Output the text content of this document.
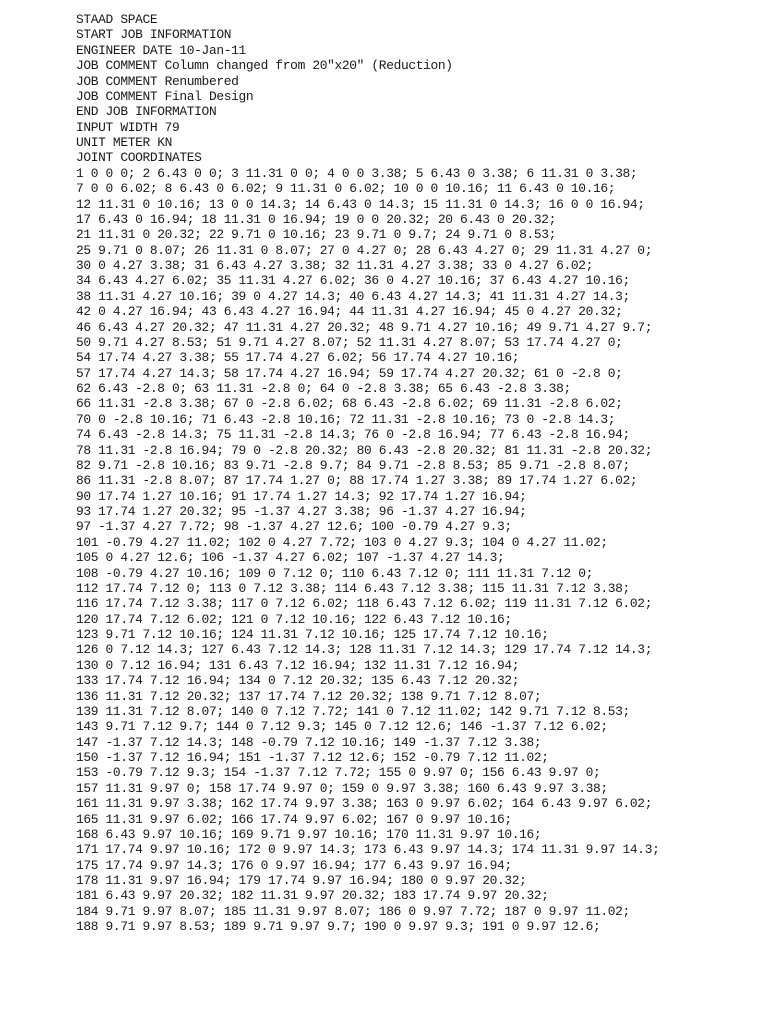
STAAD SPACE
START JOB INFORMATION
ENGINEER DATE 10-Jan-11
JOB COMMENT Column changed from 20"x20" (Reduction)
JOB COMMENT Renumbered
JOB COMMENT Final Design
END JOB INFORMATION
INPUT WIDTH 79
UNIT METER KN
JOINT COORDINATES
1 0 0 0; 2 6.43 0 0; 3 11.31 0 0; 4 0 0 3.38; 5 6.43 0 3.38; 6 11.31 0 3.38;
7 0 0 6.02; 8 6.43 0 6.02; 9 11.31 0 6.02; 10 0 0 10.16; 11 6.43 0 10.16;
12 11.31 0 10.16; 13 0 0 14.3; 14 6.43 0 14.3; 15 11.31 0 14.3; 16 0 0 16.94;
17 6.43 0 16.94; 18 11.31 0 16.94; 19 0 0 20.32; 20 6.43 0 20.32;
21 11.31 0 20.32; 22 9.71 0 10.16; 23 9.71 0 9.7; 24 9.71 0 8.53;
25 9.71 0 8.07; 26 11.31 0 8.07; 27 0 4.27 0; 28 6.43 4.27 0; 29 11.31 4.27 0;
30 0 4.27 3.38; 31 6.43 4.27 3.38; 32 11.31 4.27 3.38; 33 0 4.27 6.02;
34 6.43 4.27 6.02; 35 11.31 4.27 6.02; 36 0 4.27 10.16; 37 6.43 4.27 10.16;
38 11.31 4.27 10.16; 39 0 4.27 14.3; 40 6.43 4.27 14.3; 41 11.31 4.27 14.3;
42 0 4.27 16.94; 43 6.43 4.27 16.94; 44 11.31 4.27 16.94; 45 0 4.27 20.32;
46 6.43 4.27 20.32; 47 11.31 4.27 20.32; 48 9.71 4.27 10.16; 49 9.71 4.27 9.7;
50 9.71 4.27 8.53; 51 9.71 4.27 8.07; 52 11.31 4.27 8.07; 53 17.74 4.27 0;
54 17.74 4.27 3.38; 55 17.74 4.27 6.02; 56 17.74 4.27 10.16;
57 17.74 4.27 14.3; 58 17.74 4.27 16.94; 59 17.74 4.27 20.32; 61 0 -2.8 0;
62 6.43 -2.8 0; 63 11.31 -2.8 0; 64 0 -2.8 3.38; 65 6.43 -2.8 3.38;
66 11.31 -2.8 3.38; 67 0 -2.8 6.02; 68 6.43 -2.8 6.02; 69 11.31 -2.8 6.02;
70 0 -2.8 10.16; 71 6.43 -2.8 10.16; 72 11.31 -2.8 10.16; 73 0 -2.8 14.3;
74 6.43 -2.8 14.3; 75 11.31 -2.8 14.3; 76 0 -2.8 16.94; 77 6.43 -2.8 16.94;
78 11.31 -2.8 16.94; 79 0 -2.8 20.32; 80 6.43 -2.8 20.32; 81 11.31 -2.8 20.32;
82 9.71 -2.8 10.16; 83 9.71 -2.8 9.7; 84 9.71 -2.8 8.53; 85 9.71 -2.8 8.07;
86 11.31 -2.8 8.07; 87 17.74 1.27 0; 88 17.74 1.27 3.38; 89 17.74 1.27 6.02;
90 17.74 1.27 10.16; 91 17.74 1.27 14.3; 92 17.74 1.27 16.94;
93 17.74 1.27 20.32; 95 -1.37 4.27 3.38; 96 -1.37 4.27 16.94;
97 -1.37 4.27 7.72; 98 -1.37 4.27 12.6; 100 -0.79 4.27 9.3;
101 -0.79 4.27 11.02; 102 0 4.27 7.72; 103 0 4.27 9.3; 104 0 4.27 11.02;
105 0 4.27 12.6; 106 -1.37 4.27 6.02; 107 -1.37 4.27 14.3;
108 -0.79 4.27 10.16; 109 0 7.12 0; 110 6.43 7.12 0; 111 11.31 7.12 0;
112 17.74 7.12 0; 113 0 7.12 3.38; 114 6.43 7.12 3.38; 115 11.31 7.12 3.38;
116 17.74 7.12 3.38; 117 0 7.12 6.02; 118 6.43 7.12 6.02; 119 11.31 7.12 6.02;
120 17.74 7.12 6.02; 121 0 7.12 10.16; 122 6.43 7.12 10.16;
123 9.71 7.12 10.16; 124 11.31 7.12 10.16; 125 17.74 7.12 10.16;
126 0 7.12 14.3; 127 6.43 7.12 14.3; 128 11.31 7.12 14.3; 129 17.74 7.12 14.3;
130 0 7.12 16.94; 131 6.43 7.12 16.94; 132 11.31 7.12 16.94;
133 17.74 7.12 16.94; 134 0 7.12 20.32; 135 6.43 7.12 20.32;
136 11.31 7.12 20.32; 137 17.74 7.12 20.32; 138 9.71 7.12 8.07;
139 11.31 7.12 8.07; 140 0 7.12 7.72; 141 0 7.12 11.02; 142 9.71 7.12 8.53;
143 9.71 7.12 9.7; 144 0 7.12 9.3; 145 0 7.12 12.6; 146 -1.37 7.12 6.02;
147 -1.37 7.12 14.3; 148 -0.79 7.12 10.16; 149 -1.37 7.12 3.38;
150 -1.37 7.12 16.94; 151 -1.37 7.12 12.6; 152 -0.79 7.12 11.02;
153 -0.79 7.12 9.3; 154 -1.37 7.12 7.72; 155 0 9.97 0; 156 6.43 9.97 0;
157 11.31 9.97 0; 158 17.74 9.97 0; 159 0 9.97 3.38; 160 6.43 9.97 3.38;
161 11.31 9.97 3.38; 162 17.74 9.97 3.38; 163 0 9.97 6.02; 164 6.43 9.97 6.02;
165 11.31 9.97 6.02; 166 17.74 9.97 6.02; 167 0 9.97 10.16;
168 6.43 9.97 10.16; 169 9.71 9.97 10.16; 170 11.31 9.97 10.16;
171 17.74 9.97 10.16; 172 0 9.97 14.3; 173 6.43 9.97 14.3; 174 11.31 9.97 14.3;
175 17.74 9.97 14.3; 176 0 9.97 16.94; 177 6.43 9.97 16.94;
178 11.31 9.97 16.94; 179 17.74 9.97 16.94; 180 0 9.97 20.32;
181 6.43 9.97 20.32; 182 11.31 9.97 20.32; 183 17.74 9.97 20.32;
184 9.71 9.97 8.07; 185 11.31 9.97 8.07; 186 0 9.97 7.72; 187 0 9.97 11.02;
188 9.71 9.97 8.53; 189 9.71 9.97 9.7; 190 0 9.97 9.3; 191 0 9.97 12.6;
